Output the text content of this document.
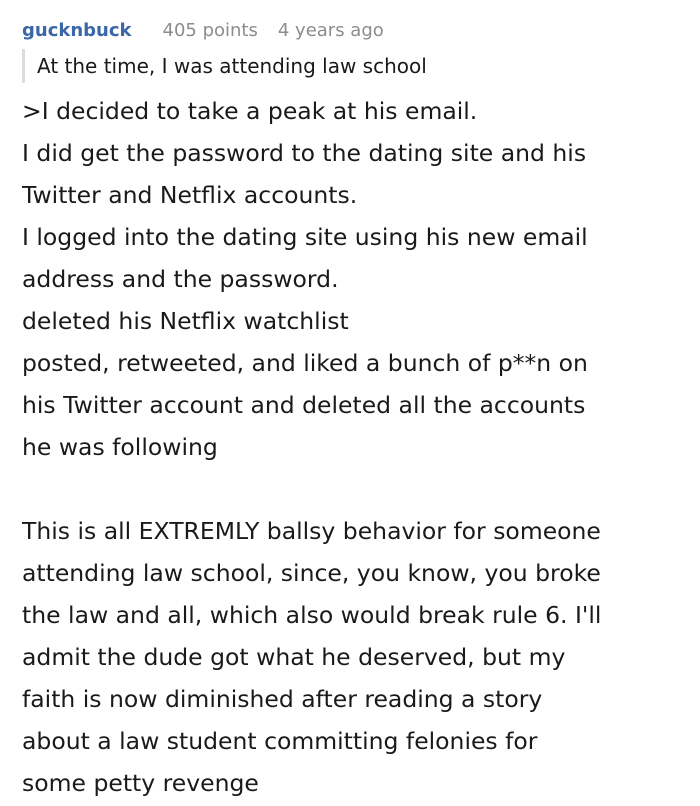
gucknbuck 405 points 4 years ago
At the time, I was attending law school
>I decided to take a peak at his email.
I did get the password to the dating site and his
Twitter and Netflix accounts.
I logged into the dating site using his new email
address and the password.
deleted his Netflix watchlist
posted, retweeted, and liked a bunch of p**n on
his Twitter account and deleted all the accounts
he was following
This is all EXTREMLY ballsy behavior for someone
attending law school, since, you know, you broke
the law and all, which also would break rule 6. I'll
admit the dude got what he deserved, but my
faith is now diminished after reading a story
about a law student committing felonies for
some petty revenge
